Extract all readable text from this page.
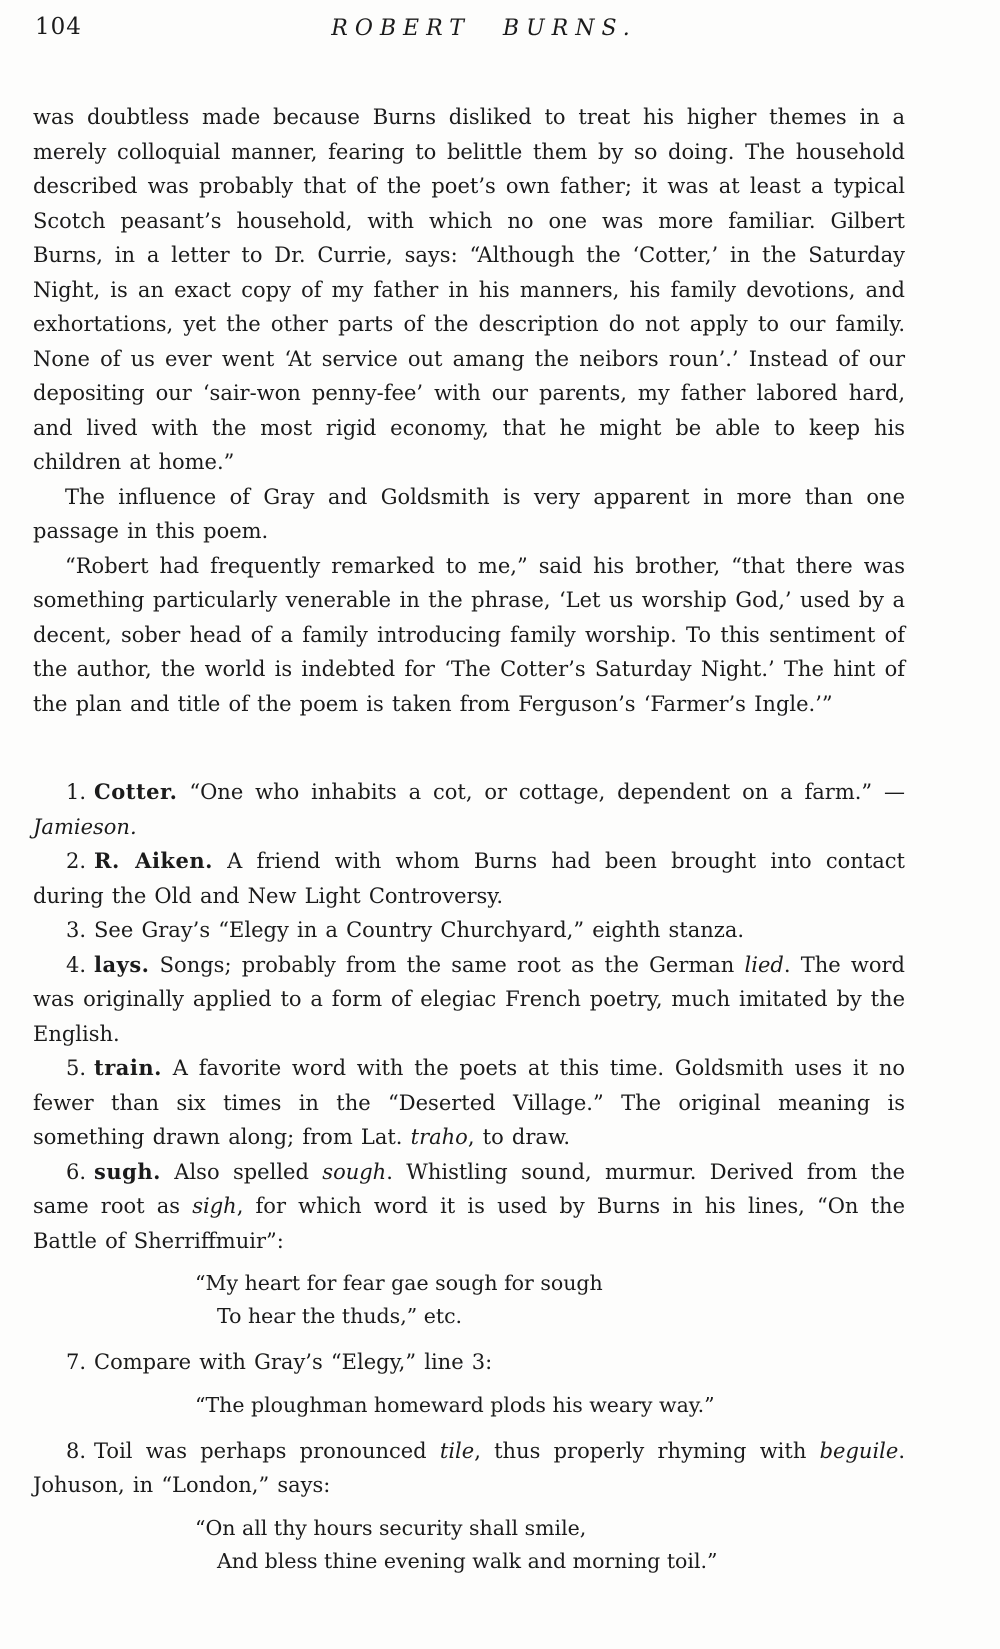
104	ROBERT BURNS.

was doubtless made because Burns disliked to treat his higher themes in a merely colloquial manner, fearing to belittle them by so doing. The household described was probably that of the poet’s own father; it was at least a typical Scotch peasant’s household, with which no one was more familiar. Gilbert Burns, in a letter to Dr. Currie, says: “Although the ‘Cotter,’ in the Saturday Night, is an exact copy of my father in his manners, his family devotions, and exhortations, yet the other parts of the description do not apply to our family. None of us ever went ‘At service out amang the neibors roun’.’ Instead of our depositing our ‘sair-won penny-fee’ with our parents, my father labored hard, and lived with the most rigid economy, that he might be able to keep his children at home.”

The influence of Gray and Goldsmith is very apparent in more than one passage in this poem.

“Robert had frequently remarked to me,” said his brother, “that there was something particularly venerable in the phrase, ‘Let us worship God,’ used by a decent, sober head of a family introducing family worship. To this sentiment of the author, the world is indebted for ‘The Cotter’s Saturday Night.’ The hint of the plan and title of the poem is taken from Ferguson’s ‘Farmer’s Ingle.’”

1. Cotter. “One who inhabits a cot, or cottage, dependent on a farm.” — Jamieson.

2. R. Aiken. A friend with whom Burns had been brought into contact during the Old and New Light Controversy.

3. See Gray’s “Elegy in a Country Churchyard,” eighth stanza.

4. lays. Songs; probably from the same root as the German lied. The word was originally applied to a form of elegiac French poetry, much imitated by the English.

5. train. A favorite word with the poets at this time. Goldsmith uses it no fewer than six times in the “Deserted Village.” The original meaning is something drawn along; from Lat. traho, to draw.

6. sugh. Also spelled sough. Whistling sound, murmur. Derived from the same root as sigh, for which word it is used by Burns in his lines, “On the Battle of Sherriffmuir”:

“My heart for fear gae sough for sough
To hear the thuds,” etc.

7. Compare with Gray’s “Elegy,” line 3:

“The ploughman homeward plods his weary way.”

8. Toil was perhaps pronounced tile, thus properly rhyming with beguile. Johuson, in “London,” says:

“On all thy hours security shall smile,
And bless thine evening walk and morning toil.”
